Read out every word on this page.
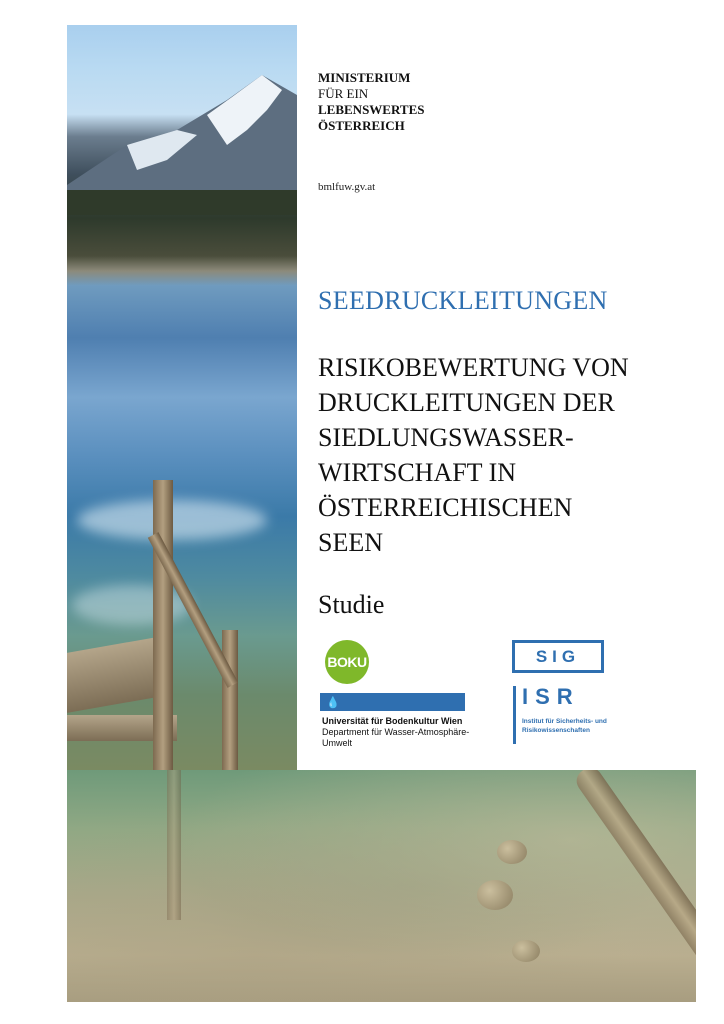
MINISTERIUM
FÜR EIN
LEBENSWERTES
ÖSTERREICH
bmlfuw.gv.at
SEEDRUCKLEITUNGEN
RISIKOBEWERTUNG VON
DRUCKLEITUNGEN DER
SIEDLUNGSWASSER-
WIRTSCHAFT IN
ÖSTERREICHISCHEN
SEEN
Studie
BOKU
💧
Universität für Bodenkultur Wien
Department für Wasser-Atmosphäre-Umwelt
SIG
ISR
Institut für Sicherheits- und Risikowissenschaften
